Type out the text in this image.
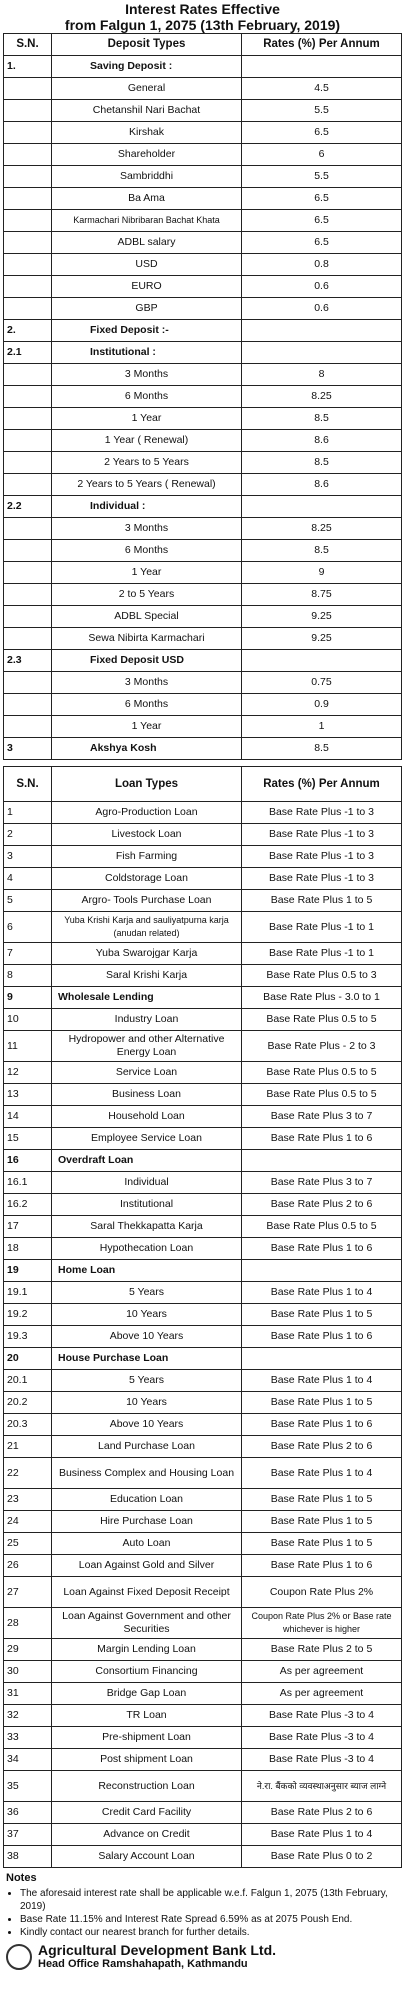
Interest Rates Effective
from Falgun 1, 2075 (13th February, 2019)
S.N.	Deposit Types	Rates (%) Per Annum
1.	Saving Deposit :	
	General	4.5
	Chetanshil Nari Bachat	5.5
	Kirshak	6.5
	Shareholder	6
	Sambriddhi	5.5
	Ba Ama	6.5
	Karmachari Nibribaran Bachat Khata	6.5
	ADBL salary	6.5
	USD	0.8
	EURO	0.6
	GBP	0.6
2.	Fixed Deposit :-	
2.1	Institutional :	
	3 Months	8
	6 Months	8.25
	1 Year	8.5
	1 Year ( Renewal)	8.6
	2 Years to 5 Years	8.5
	2 Years to 5 Years ( Renewal)	8.6
2.2	Individual :	
	3 Months	8.25
	6 Months	8.5
	1 Year	9
	2 to 5 Years	8.75
	ADBL Special	9.25
	Sewa Nibirta Karmachari	9.25
2.3	Fixed Deposit USD	
	3 Months	0.75
	6 Months	0.9
	1 Year	1
3	Akshya Kosh	8.5
S.N.	Loan Types	Rates (%) Per Annum
1	Agro-Production Loan	Base Rate Plus -1 to 3
2	Livestock Loan	Base Rate Plus -1 to 3
3	Fish Farming	Base Rate Plus -1 to 3
4	Coldstorage Loan	Base Rate Plus -1 to 3
5	Argro- Tools Purchase Loan	Base Rate Plus 1 to 5
6	Yuba Krishi Karja and sauliyatpurna karja (anudan related)	Base Rate Plus -1 to 1
7	Yuba Swarojgar Karja	Base Rate Plus -1 to 1
8	Saral Krishi Karja	Base Rate Plus 0.5 to 3
9	Wholesale Lending	Base Rate Plus - 3.0 to 1
10	Industry Loan	Base Rate Plus 0.5 to 5
11	Hydropower and other Alternative Energy Loan	Base Rate Plus - 2 to 3
12	Service Loan	Base Rate Plus 0.5 to 5
13	Business Loan	Base Rate Plus 0.5 to 5
14	Household Loan	Base Rate Plus 3 to 7
15	Employee Service Loan	Base Rate Plus 1 to 6
16	Overdraft Loan	
16.1	Individual	Base Rate Plus 3 to 7
16.2	Institutional	Base Rate Plus 2 to 6
17	Saral Thekkapatta Karja	Base Rate Plus 0.5 to 5
18	Hypothecation Loan	Base Rate Plus 1 to 6
19	Home Loan	
19.1	5 Years	Base Rate Plus 1 to 4
19.2	10 Years	Base Rate Plus 1 to 5
19.3	Above 10 Years	Base Rate Plus 1 to 6
20	House Purchase Loan	
20.1	5 Years	Base Rate Plus 1 to 4
20.2	10 Years	Base Rate Plus 1 to 5
20.3	Above 10 Years	Base Rate Plus 1 to 6
21	Land Purchase Loan	Base Rate Plus 2 to 6
22	Business Complex and Housing Loan	Base Rate Plus 1 to 4
23	Education Loan	Base Rate Plus 1 to 5
24	Hire Purchase Loan	Base Rate Plus 1 to 5
25	Auto Loan	Base Rate Plus 1 to 5
26	Loan Against Gold and Silver	Base Rate Plus 1 to 6
27	Loan Against Fixed Deposit Receipt	Coupon Rate Plus 2%
28	Loan Against Government and other Securities	Coupon Rate Plus 2% or Base rate whichever is higher
29	Margin Lending Loan	Base Rate Plus 2 to 5
30	Consortium Financing	As per agreement
31	Bridge Gap Loan	As per agreement
32	TR Loan	Base Rate Plus -3 to 4
33	Pre-shipment Loan	Base Rate Plus -3 to 4
34	Post shipment Loan	Base Rate Plus -3 to 4
35	Reconstruction Loan	ने.रा. बैंकको व्यवस्थाअनुसार ब्याज लाग्ने
36	Credit Card Facility	Base Rate Plus 2 to 6
37	Advance on Credit	Base Rate Plus 1 to 4
38	Salary Account Loan	Base Rate Plus 0 to 2
Notes
• The aforesaid interest rate shall be applicable w.e.f. Falgun 1, 2075 (13th February, 2019)
• Base Rate 11.15% and Interest Rate Spread 6.59% as at 2075 Poush End.
• Kindly contact our nearest branch for further details.
Agricultural Development Bank Ltd.
Head Office Ramshahapath, Kathmandu
